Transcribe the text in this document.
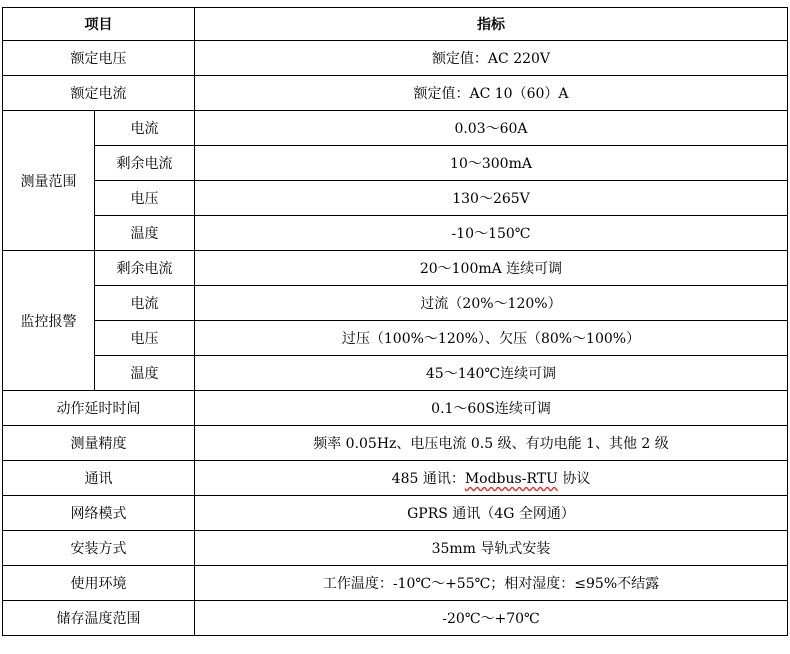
项目		指标
额定电压		额定值：AC 220V
额定电流		额定值：AC 10（60）A
测量范围	电流	0.03～60A
	剩余电流	10～300mA
	电压	130～265V
	温度	-10～150℃
监控报警	剩余电流	20～100mA 连续可调
	电流	过流（20%～120%）
	电压	过压（100%～120%）、欠压（80%～100%）
	温度	45～140℃连续可调
动作延时时间		0.1～60S连续可调
测量精度		频率 0.05Hz、电压电流 0.5 级、有功电能 1、其他 2 级
通讯		485 通讯：Modbus-RTU 协议
网络模式		GPRS 通讯（4G 全网通）
安装方式		35mm 导轨式安装
使用环境		工作温度：-10℃～+55℃；相对湿度：≤95%不结露
储存温度范围		-20℃～+70℃
